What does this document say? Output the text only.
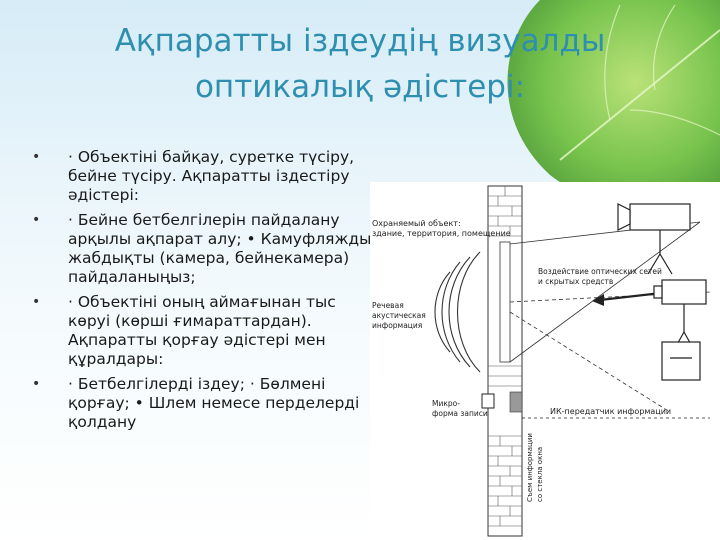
Ақпаратты іздеудің визуалды
оптикалық әдістері:
• · Объектіні байқау, суретке түсіру, бейне түсіру. Ақпаратты іздестіру әдістері:
• · Бейне бетбелгілерін пайдалану арқылы ақпарат алу; • Камуфляжды жабдықты (камера, бейнекамера) пайдаланыңыз;
• · Объектіні оның аймағынан тыс көруі (көрші ғимараттардан). Ақпаратты қорғау әдістері мен құралдары:
• · Бетбелгілерді іздеу; · Бөлмені қорғау; • Шлем немесе перделерді қолдану
Охраняемый объект:
здание, территория, помещение
Воздействие оптических сетей
и скрытых средств
Речевая
акустическая
информация
Микро-
форма записи	ИК-передатчик информации
Съем информации со стекла окна
